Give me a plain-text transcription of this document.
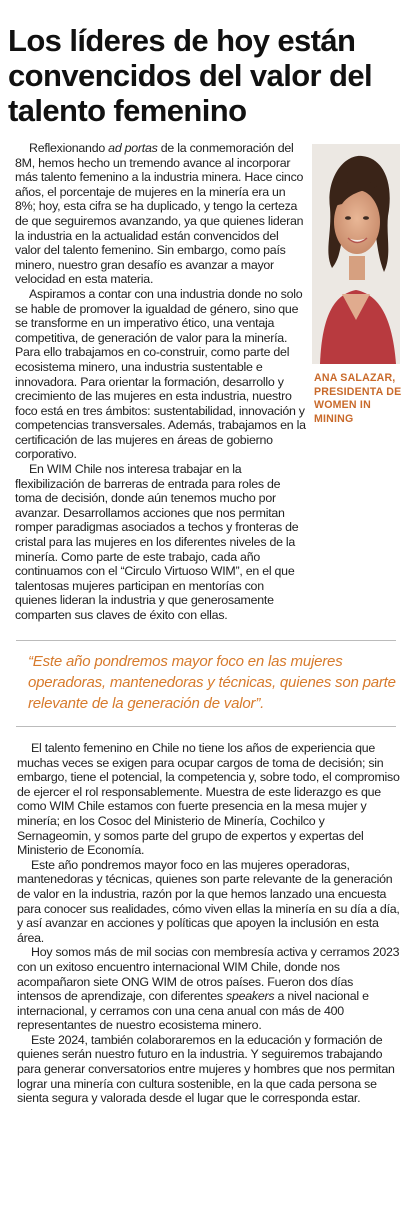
Los líderes de hoy están convencidos del valor del talento femenino

Reflexionando ad portas de la conmemoración del 8M, hemos hecho un tremendo avance al incorporar más talento femenino a la industria minera. Hace cinco años, el porcentaje de mujeres en la minería era un 8%; hoy, esta cifra se ha duplicado, y tengo la certeza de que seguiremos avanzando, ya que quienes lideran la industria en la actualidad están convencidos del valor del talento femenino. Sin embargo, como país minero, nuestro gran desafío es avanzar a mayor velocidad en esta materia.

Aspiramos a contar con una industria donde no solo se hable de promover la igualdad de género, sino que se transforme en un imperativo ético, una ventaja competitiva, de generación de valor para la minería. Para ello trabajamos en co-construir, como parte del ecosistema minero, una industria sustentable e innovadora. Para orientar la formación, desarrollo y crecimiento de las mujeres en esta industria, nuestro foco está en tres ámbitos: sustentabilidad, innovación y competencias transversales. Además, trabajamos en la certificación de las mujeres en áreas de gobierno corporativo.

En WIM Chile nos interesa trabajar en la flexibilización de barreras de entrada para roles de toma de decisión, donde aún tenemos mucho por avanzar. Desarrollamos acciones que nos permitan romper paradigmas asociados a techos y fronteras de cristal para las mujeres en los diferentes niveles de la minería. Como parte de este trabajo, cada año continuamos con el “Circulo Virtuoso WIM”, en el que talentosas mujeres participan en mentorías con quienes lideran la industria y que generosamente comparten sus claves de éxito con ellas.

ANA SALAZAR, PRESIDENTA DE WOMEN IN MINING
“Este año pondremos mayor foco en las mujeres operadoras, mantenedoras y técnicas, quienes son parte relevante de la generación de valor”.

El talento femenino en Chile no tiene los años de experiencia que muchas veces se exigen para ocupar cargos de toma de decisión; sin embargo, tiene el potencial, la competencia y, sobre todo, el compromiso de ejercer el rol responsablemente. Muestra de este liderazgo es que como WIM Chile estamos con fuerte presencia en la mesa mujer y minería; en los Cosoc del Ministerio de Minería, Cochilco y Sernageomin, y somos parte del grupo de expertos y expertas del Ministerio de Economía.

Este año pondremos mayor foco en las mujeres operadoras, mantenedoras y técnicas, quienes son parte relevante de la generación de valor en la industria, razón por la que hemos lanzado una encuesta para conocer sus realidades, cómo viven ellas la minería en su día a día, y así avanzar en acciones y políticas que apoyen la inclusión en esta área.

Hoy somos más de mil socias con membresía activa y cerramos 2023 con un exitoso encuentro internacional WIM Chile, donde nos acompañaron siete ONG WIM de otros países. Fueron dos días intensos de aprendizaje, con diferentes speakers a nivel nacional e internacional, y cerramos con una cena anual con más de 400 representantes de nuestro ecosistema minero.

Este 2024, también colaboraremos en la educación y formación de quienes serán nuestro futuro en la industria. Y seguiremos trabajando para generar conversatorios entre mujeres y hombres que nos permitan lograr una minería con cultura sostenible, en la que cada persona se sienta segura y valorada desde el lugar que le corresponda estar.
